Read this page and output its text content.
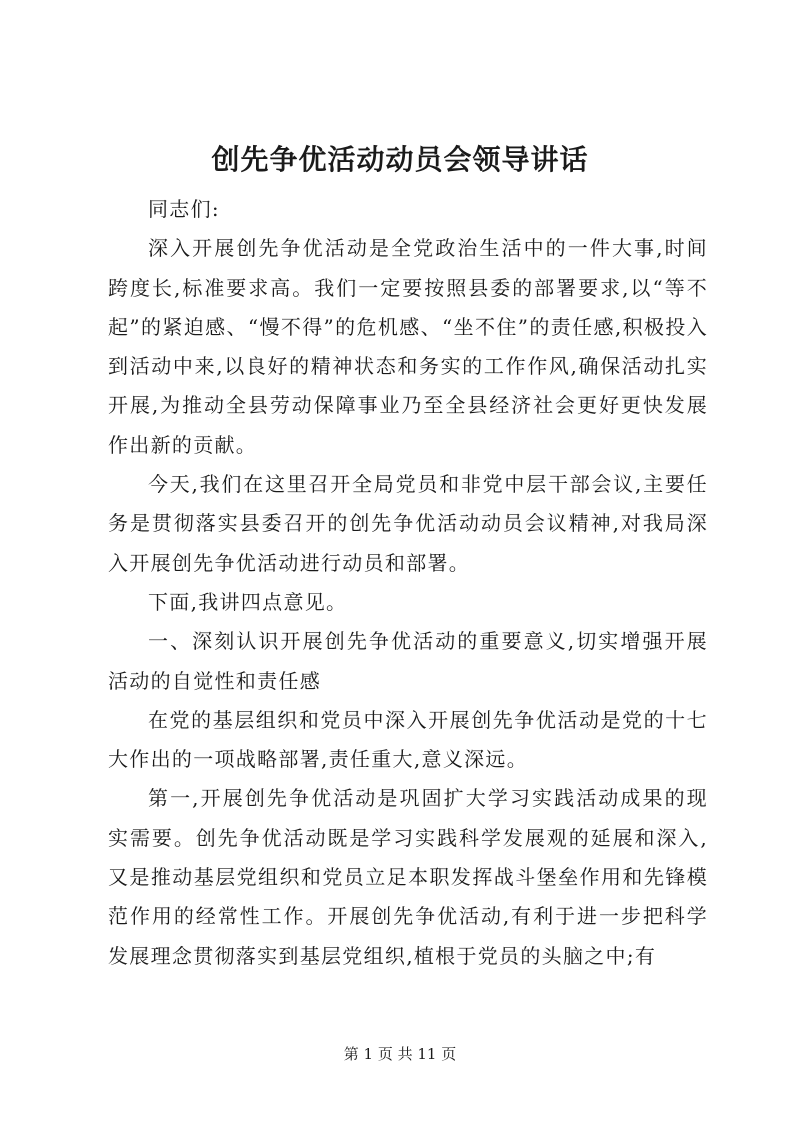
创先争优活动动员会领导讲话

同志们:

深入开展创先争优活动是全党政治生活中的一件大事,时间跨度长,标准要求高。我们一定要按照县委的部署要求,以“等不起”的紧迫感、“慢不得”的危机感、“坐不住”的责任感,积极投入到活动中来,以良好的精神状态和务实的工作作风,确保活动扎实开展,为推动全县劳动保障事业乃至全县经济社会更好更快发展作出新的贡献。

今天,我们在这里召开全局党员和非党中层干部会议,主要任务是贯彻落实县委召开的创先争优活动动员会议精神,对我局深入开展创先争优活动进行动员和部署。

下面,我讲四点意见。

一、深刻认识开展创先争优活动的重要意义,切实增强开展活动的自觉性和责任感

在党的基层组织和党员中深入开展创先争优活动是党的十七大作出的一项战略部署,责任重大,意义深远。

第一,开展创先争优活动是巩固扩大学习实践活动成果的现实需要。创先争优活动既是学习实践科学发展观的延展和深入,又是推动基层党组织和党员立足本职发挥战斗堡垒作用和先锋模范作用的经常性工作。开展创先争优活动,有利于进一步把科学发展理念贯彻落实到基层党组织,植根于党员的头脑之中;有

第 1 页 共 11 页
